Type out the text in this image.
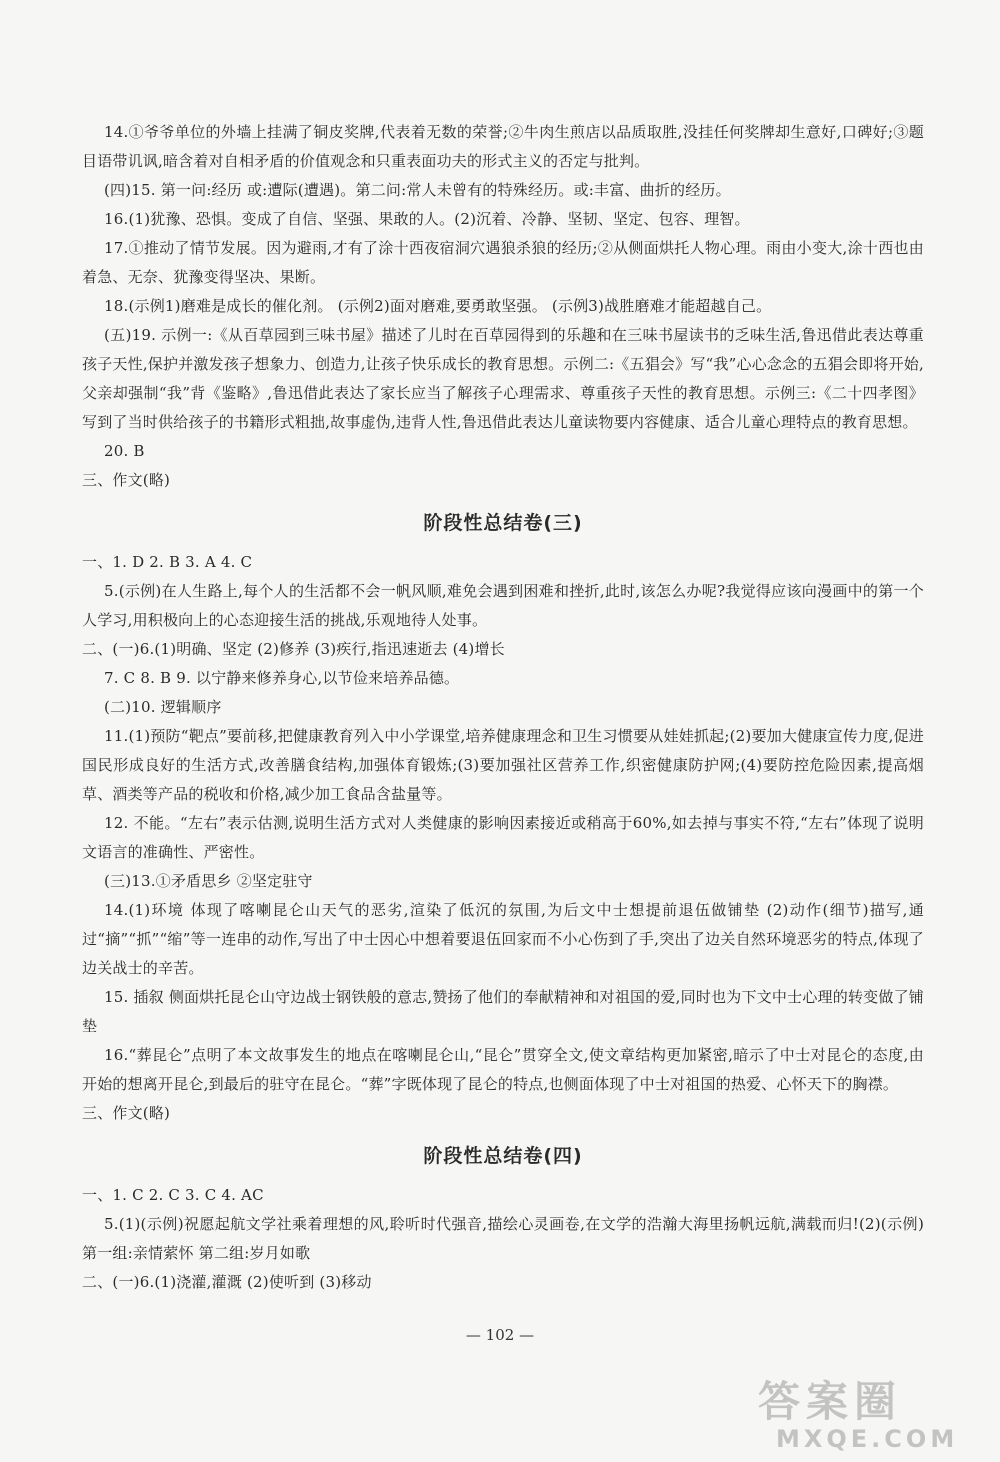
14.①爷爷单位的外墙上挂满了铜皮奖牌,代表着无数的荣誉;②牛肉生煎店以品质取胜,没挂任何奖牌却生意好,口碑好;③题目语带讥讽,暗含着对自相矛盾的价值观念和只重表面功夫的形式主义的否定与批判。

(四)15. 第一问:经历 或:遭际(遭遇)。第二问:常人未曾有的特殊经历。或:丰富、曲折的经历。

16.(1)犹豫、恐惧。变成了自信、坚强、果敢的人。(2)沉着、冷静、坚韧、坚定、包容、理智。

17.①推动了情节发展。因为避雨,才有了涂十西夜宿洞穴遇狼杀狼的经历;②从侧面烘托人物心理。雨由小变大,涂十西也由着急、无奈、犹豫变得坚决、果断。

18.(示例1)磨难是成长的催化剂。 (示例2)面对磨难,要勇敢坚强。 (示例3)战胜磨难才能超越自己。

(五)19. 示例一:《从百草园到三味书屋》描述了儿时在百草园得到的乐趣和在三味书屋读书的乏味生活,鲁迅借此表达尊重孩子天性,保护并激发孩子想象力、创造力,让孩子快乐成长的教育思想。示例二:《五猖会》写“我”心心念念的五猖会即将开始,父亲却强制“我”背《鉴略》,鲁迅借此表达了家长应当了解孩子心理需求、尊重孩子天性的教育思想。示例三:《二十四孝图》写到了当时供给孩子的书籍形式粗拙,故事虚伪,违背人性,鲁迅借此表达儿童读物要内容健康、适合儿童心理特点的教育思想。

20. B

三、作文(略)

阶段性总结卷(三)

一、1. D 2. B 3. A 4. C

5.(示例)在人生路上,每个人的生活都不会一帆风顺,难免会遇到困难和挫折,此时,该怎么办呢?我觉得应该向漫画中的第一个人学习,用积极向上的心态迎接生活的挑战,乐观地待人处事。

二、(一)6.(1)明确、坚定 (2)修养 (3)疾行,指迅速逝去 (4)增长

7. C 8. B 9. 以宁静来修养身心,以节俭来培养品德。

(二)10. 逻辑顺序

11.(1)预防“靶点”要前移,把健康教育列入中小学课堂,培养健康理念和卫生习惯要从娃娃抓起;(2)要加大健康宣传力度,促进国民形成良好的生活方式,改善膳食结构,加强体育锻炼;(3)要加强社区营养工作,织密健康防护网;(4)要防控危险因素,提高烟草、酒类等产品的税收和价格,减少加工食品含盐量等。

12. 不能。“左右”表示估测,说明生活方式对人类健康的影响因素接近或稍高于60%,如去掉与事实不符,“左右”体现了说明文语言的准确性、严密性。

(三)13.①矛盾思乡 ②坚定驻守

14.(1)环境 体现了喀喇昆仑山天气的恶劣,渲染了低沉的氛围,为后文中士想提前退伍做铺垫 (2)动作(细节)描写,通过“摘”“抓”“缩”等一连串的动作,写出了中士因心中想着要退伍回家而不小心伤到了手,突出了边关自然环境恶劣的特点,体现了边关战士的辛苦。

15. 插叙 侧面烘托昆仑山守边战士钢铁般的意志,赞扬了他们的奉献精神和对祖国的爱,同时也为下文中士心理的转变做了铺垫

16.“葬昆仑”点明了本文故事发生的地点在喀喇昆仑山,“昆仑”贯穿全文,使文章结构更加紧密,暗示了中士对昆仑的态度,由开始的想离开昆仑,到最后的驻守在昆仑。“葬”字既体现了昆仑的特点,也侧面体现了中士对祖国的热爱、心怀天下的胸襟。

三、作文(略)

阶段性总结卷(四)

一、1. C 2. C 3. C 4. AC

5.(1)(示例)祝愿起航文学社乘着理想的风,聆听时代强音,描绘心灵画卷,在文学的浩瀚大海里扬帆远航,满载而归!(2)(示例)第一组:亲情萦怀 第二组:岁月如歌

二、(一)6.(1)浇灌,灌溉 (2)使听到 (3)移动

— 102 —
答案圈
MXQE.COM
